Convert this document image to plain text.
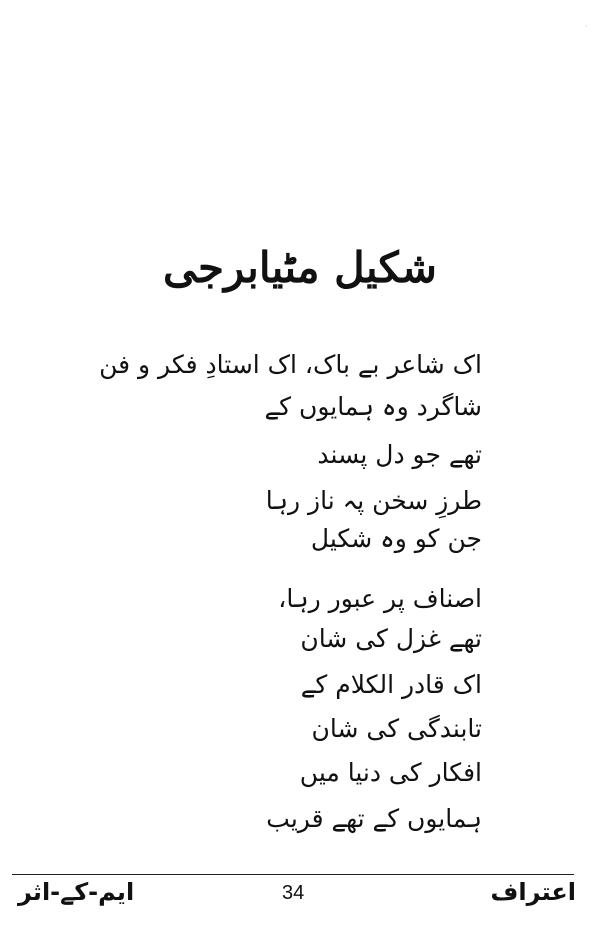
·
شکیل مٹیابرجی
اک شاعر بے باک، اک استادِ فکر و فن
شاگرد وہ ہمایوں کے
تھے جو دل پسند
طرزِ سخن پہ ناز رہا
جن کو وہ شکیل
اصناف پر عبور رہا،
تھے غزل کی شان
اک قادر الکلام کے
تابندگی کی شان
افکار کی دنیا میں
ہمایوں کے تھے قریب
ایم-کے-اثر	34	اعتراف
